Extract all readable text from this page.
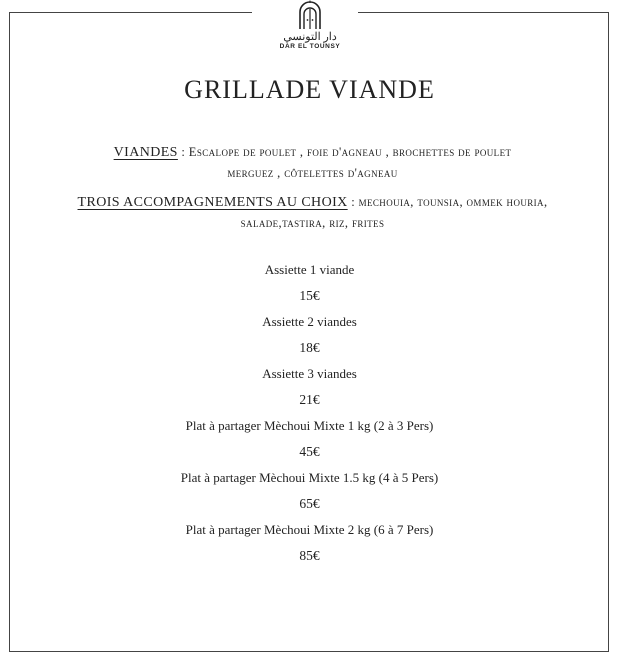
دار التونسي
DAR EL TOUNSY
GRILLADE VIANDE
VIANDES : Escalope de poulet , foie d'agneau , brochettes de poulet
merguez , côtelettes d'agneau
TROIS ACCOMPAGNEMENTS AU CHOIX : mechouia, tounsia, ommek houria,
salade,tastira, riz, frites
Assiette 1 viande
15€
Assiette 2 viandes
18€
Assiette 3 viandes
21€
Plat à partager Mèchoui Mixte 1 kg (2 à 3 Pers)
45€
Plat à partager Mèchoui Mixte 1.5 kg (4 à 5 Pers)
65€
Plat à partager Mèchoui Mixte 2 kg (6 à 7 Pers)
85€
